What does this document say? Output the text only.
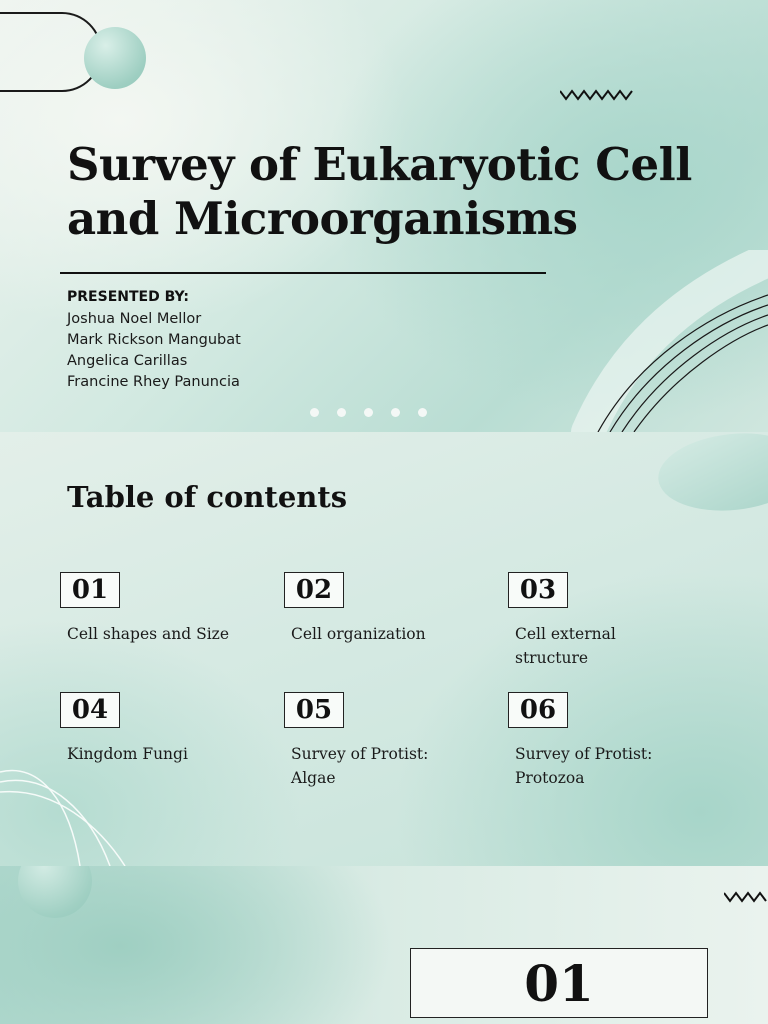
Survey of Eukaryotic Cell
and Microorganisms
PRESENTED BY:
Joshua Noel Mellor
Mark Rickson Mangubat
Angelica Carillas
Francine Rhey Panuncia
Table of contents
01
Cell shapes and Size
02
Cell organization
03
Cell external structure
04
Kingdom Fungi
05
Survey of Protist: Algae
06
Survey of Protist: Protozoa
01
